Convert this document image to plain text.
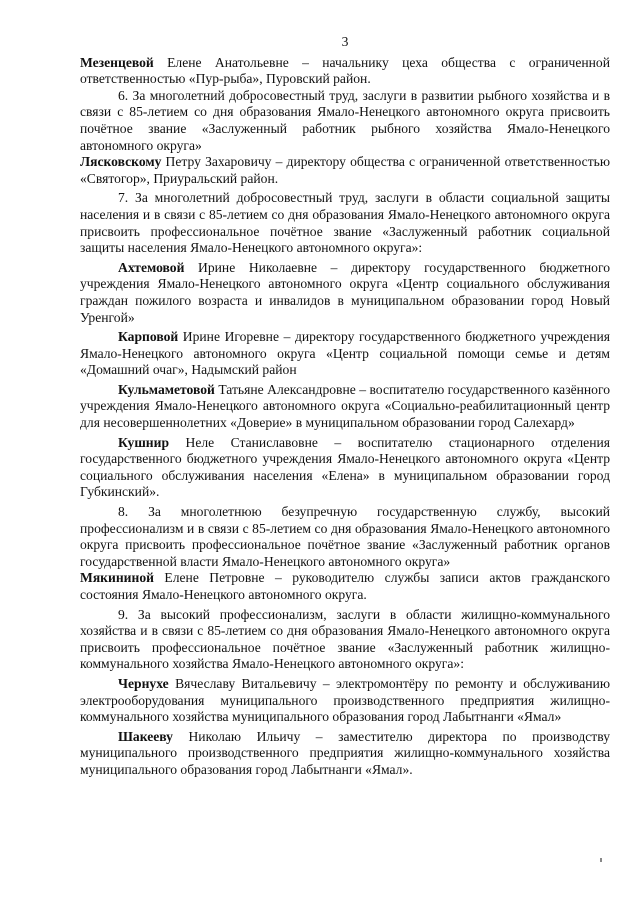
3

Мезенцевой Елене Анатольевне – начальнику цеха общества с ограниченной ответственностью «Пур-рыба», Пуровский район.

6. За многолетний добросовестный труд, заслуги в развитии рыбного хозяйства и в связи с 85-летием со дня образования Ямало-Ненецкого автономного округа присвоить почётное звание «Заслуженный работник рыбного хозяйства Ямало-Ненецкого автономного округа»

Лясковскому Петру Захаровичу – директору общества с ограниченной ответственностью «Святогор», Приуральский район.

7. За многолетний добросовестный труд, заслуги в области социальной защиты населения и в связи с 85-летием со дня образования Ямало-Ненецкого автономного округа присвоить профессиональное почётное звание «Заслуженный работник социальной защиты населения Ямало-Ненецкого автономного округа»:

Ахтемовой Ирине Николаевне – директору государственного бюджетного учреждения Ямало-Ненецкого автономного округа «Центр социального обслуживания граждан пожилого возраста и инвалидов в муниципальном образовании город Новый Уренгой»

Карповой Ирине Игоревне – директору государственного бюджетного учреждения Ямало-Ненецкого автономного округа «Центр социальной помощи семье и детям «Домашний очаг», Надымский район

Кульмаметовой Татьяне Александровне – воспитателю государственного казённого учреждения Ямало-Ненецкого автономного округа «Социально-реабилитационный центр для несовершеннолетних «Доверие» в муниципальном образовании город Салехард»

Кушнир Неле Станиславовне – воспитателю стационарного отделения государственного бюджетного учреждения Ямало-Ненецкого автономного округа «Центр социального обслуживания населения «Елена» в муниципальном образовании город Губкинский».

8. За многолетнюю безупречную государственную службу, высокий профессионализм и в связи с 85-летием со дня образования Ямало-Ненецкого автономного округа присвоить профессиональное почётное звание «Заслуженный работник органов государственной власти Ямало-Ненецкого автономного округа»

Мякининой Елене Петровне – руководителю службы записи актов гражданского состояния Ямало-Ненецкого автономного округа.

9. За высокий профессионализм, заслуги в области жилищно-коммунального хозяйства и в связи с 85-летием со дня образования Ямало-Ненецкого автономного округа присвоить профессиональное почётное звание «Заслуженный работник жилищно-коммунального хозяйства Ямало-Ненецкого автономного округа»:

Чернухе Вячеславу Витальевичу – электромонтёру по ремонту и обслуживанию электрооборудования муниципального производственного предприятия жилищно-коммунального хозяйства муниципального образования город Лабытнанги «Ямал»

Шакееву Николаю Ильичу – заместителю директора по производству муниципального производственного предприятия жилищно-коммунального хозяйства муниципального образования город Лабытнанги «Ямал».
